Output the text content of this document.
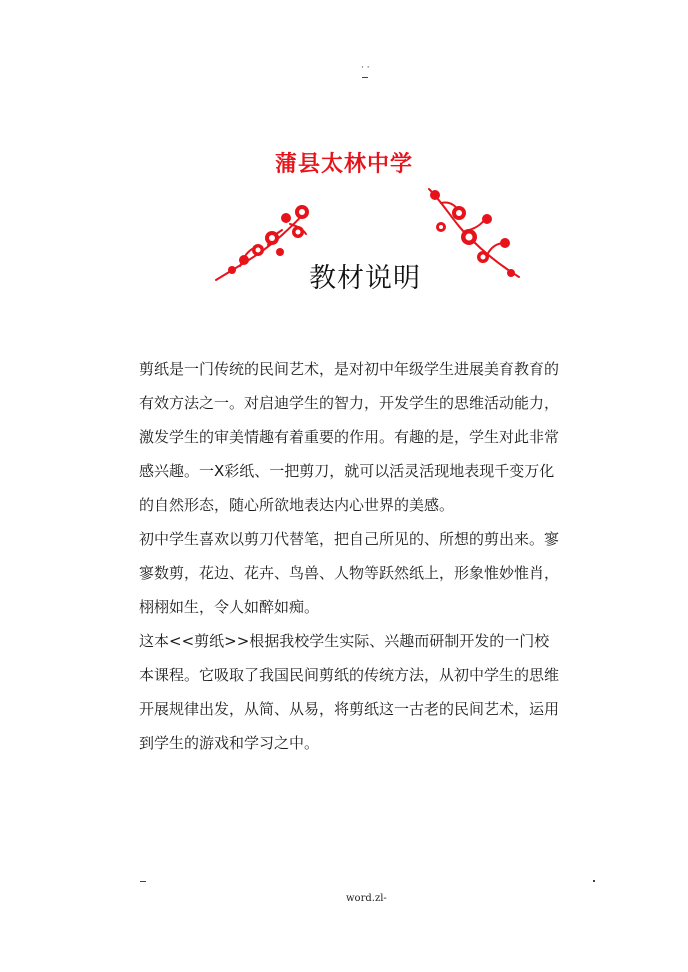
· ·
蒲县太林中学
教材说明
剪纸是一门传统的民间艺术，是对初中年级学生进展美育教育的
有效方法之一。对启迪学生的智力，开发学生的思维活动能力，
激发学生的审美情趣有着重要的作用。有趣的是，学生对此非常
感兴趣。一X彩纸、一把剪刀，就可以活灵活现地表现千变万化
的自然形态，随心所欲地表达内心世界的美感。
初中学生喜欢以剪刀代替笔，把自己所见的、所想的剪出来。寥
寥数剪，花边、花卉、鸟兽、人物等跃然纸上，形象惟妙惟肖，
栩栩如生，令人如醉如痴。
这本<<剪纸>>根据我校学生实际、兴趣而研制开发的一门校
本课程。它吸取了我国民间剪纸的传统方法，从初中学生的思维
开展规律出发，从简、从易，将剪纸这一古老的民间艺术，运用
到学生的游戏和学习之中。
word.zl-
